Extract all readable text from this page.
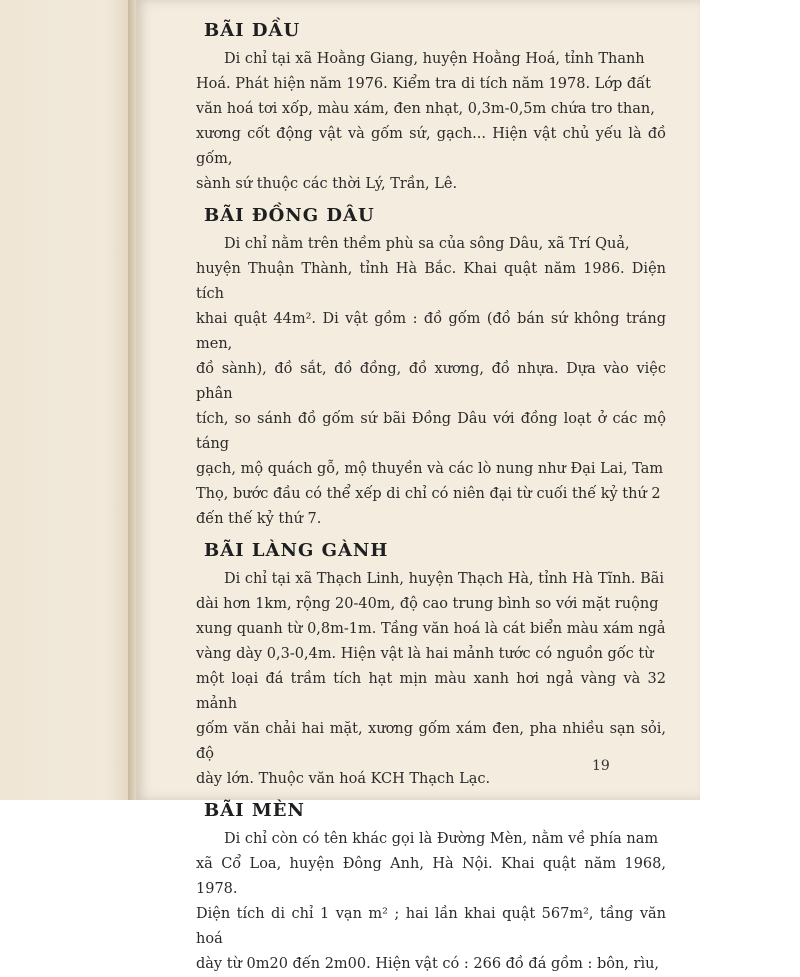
BÃI DẦU

Di chỉ tại xã Hoằng Giang, huyện Hoằng Hoá, tỉnh Thanh

Hoá. Phát hiện năm 1976. Kiểm tra di tích năm 1978. Lớp đất

văn hoá tơi xốp, màu xám, đen nhạt, 0,3m-0,5m chứa tro than,

xương cốt động vật và gốm sứ, gạch... Hiện vật chủ yếu là đồ gốm,

sành sứ thuộc các thời Lý, Trần, Lê.

BÃI ĐỒNG DÂU

Di chỉ nằm trên thềm phù sa của sông Dâu, xã Trí Quả,

huyện Thuận Thành, tỉnh Hà Bắc. Khai quật năm 1986. Diện tích

khai quật 44m². Di vật gồm : đồ gốm (đồ bán sứ không tráng men,

đồ sành), đồ sắt, đồ đồng, đồ xương, đồ nhựa. Dựa vào việc phân

tích, so sánh đồ gốm sứ bãi Đồng Dâu với đồng loạt ở các mộ táng

gạch, mộ quách gỗ, mộ thuyền và các lò nung như Đại Lai, Tam

Thọ, bước đầu có thể xếp di chỉ có niên đại từ cuối thế kỷ thứ 2

đến thế kỷ thứ 7.

BÃI LÀNG GÀNH

Di chỉ tại xã Thạch Linh, huyện Thạch Hà, tỉnh Hà Tĩnh. Bãi

dài hơn 1km, rộng 20-40m, độ cao trung bình so với mặt ruộng

xung quanh từ 0,8m-1m. Tầng văn hoá là cát biển màu xám ngả

vàng dày 0,3-0,4m. Hiện vật là hai mảnh tước có nguồn gốc từ

một loại đá trầm tích hạt mịn màu xanh hơi ngả vàng và 32 mảnh

gốm văn chải hai mặt, xương gốm xám đen, pha nhiều sạn sỏi, độ

dày lớn. Thuộc văn hoá KCH Thạch Lạc.

BÃI MÈN

Di chỉ còn có tên khác gọi là Đường Mèn, nằm về phía nam

xã Cổ Loa, huyện Đông Anh, Hà Nội. Khai quật năm 1968, 1978.

Diện tích di chỉ 1 vạn m² ; hai lần khai quật 567m², tầng văn hoá

dày từ 0m20 đến 2m00. Hiện vật có : 266 đồ đá gồm : bôn, rìu,

19
